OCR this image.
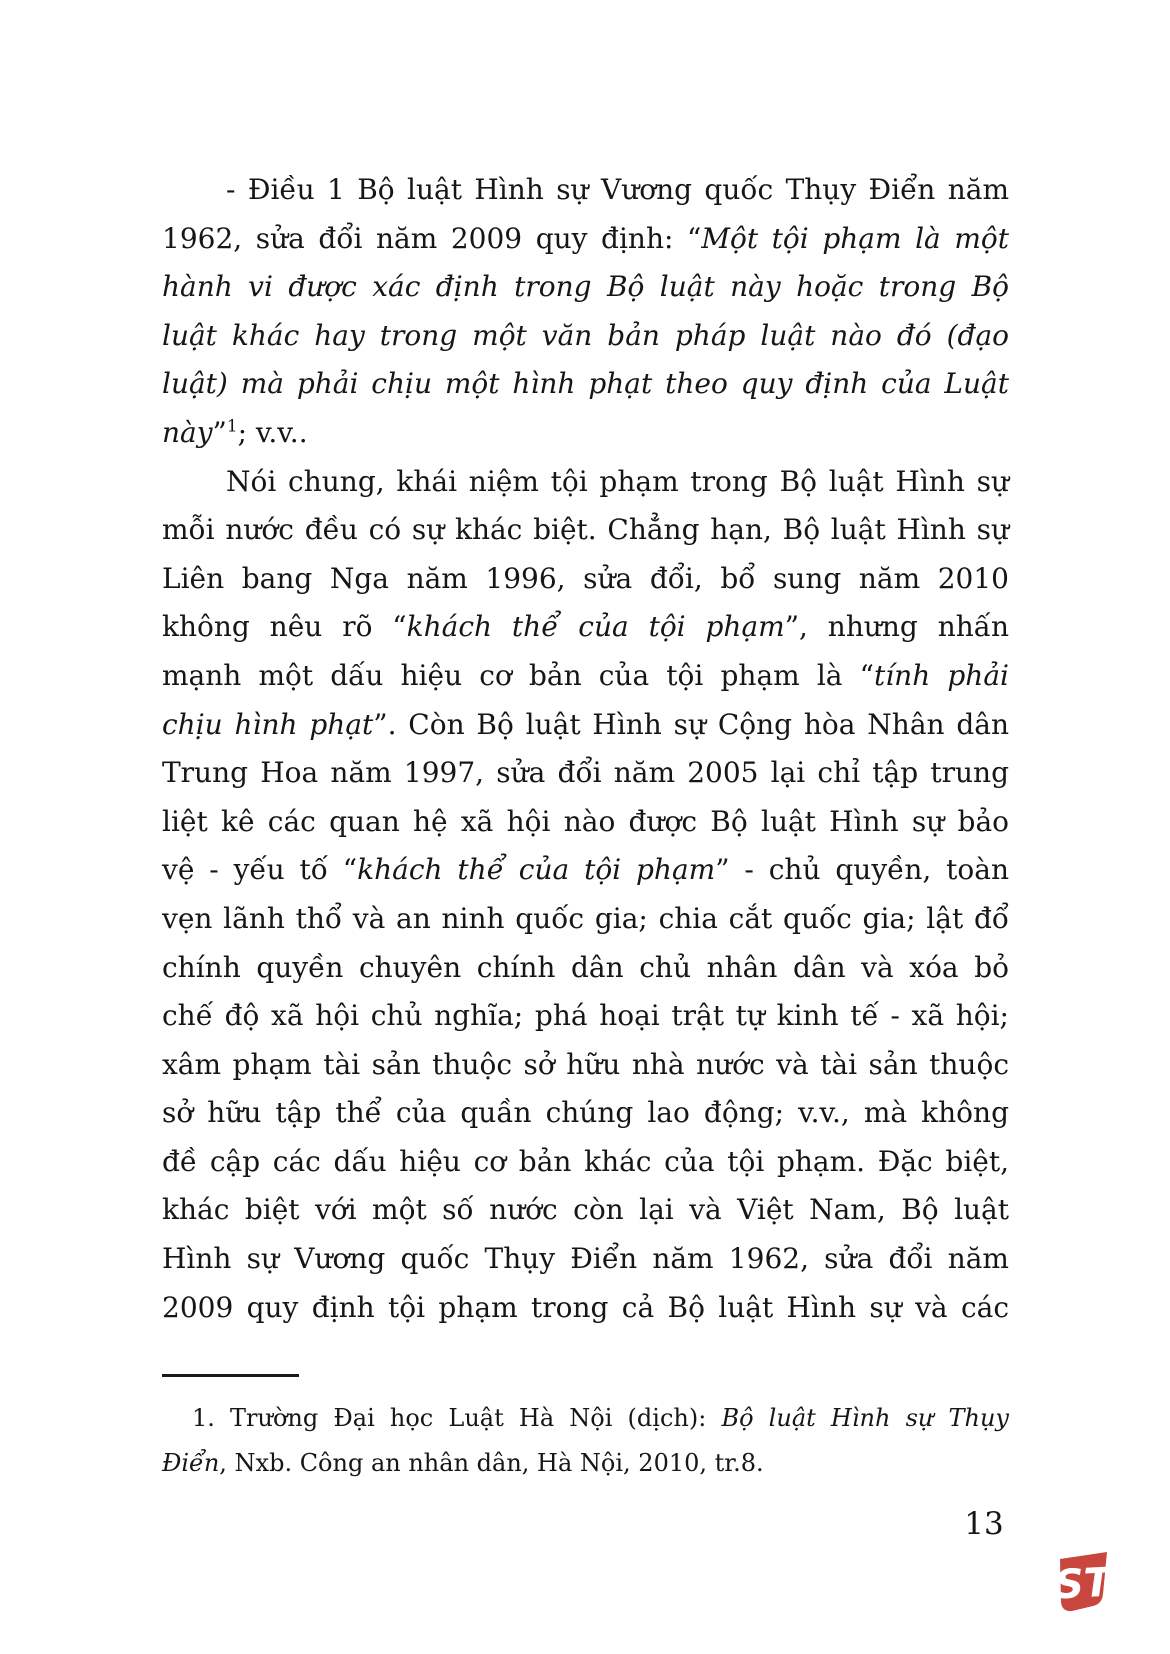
- Điều 1 Bộ luật Hình sự Vương quốc Thụy Điển năm
1962, sửa đổi năm 2009 quy định: “Một tội phạm là một
hành vi được xác định trong Bộ luật này hoặc trong Bộ
luật khác hay trong một văn bản pháp luật nào đó (đạo
luật) mà phải chịu một hình phạt theo quy định của Luật
này”$^1$; v.v..
Nói chung, khái niệm tội phạm trong Bộ luật Hình sự
mỗi nước đều có sự khác biệt. Chẳng hạn, Bộ luật Hình sự
Liên bang Nga năm 1996, sửa đổi, bổ sung năm 2010
không nêu rõ “khách thể của tội phạm”, nhưng nhấn
mạnh một dấu hiệu cơ bản của tội phạm là “tính phải
chịu hình phạt”. Còn Bộ luật Hình sự Cộng hòa Nhân dân
Trung Hoa năm 1997, sửa đổi năm 2005 lại chỉ tập trung
liệt kê các quan hệ xã hội nào được Bộ luật Hình sự bảo
vệ - yếu tố “khách thể của tội phạm” - chủ quyền, toàn
vẹn lãnh thổ và an ninh quốc gia; chia cắt quốc gia; lật đổ
chính quyền chuyên chính dân chủ nhân dân và xóa bỏ
chế độ xã hội chủ nghĩa; phá hoại trật tự kinh tế - xã hội;
xâm phạm tài sản thuộc sở hữu nhà nước và tài sản thuộc
sở hữu tập thể của quần chúng lao động; v.v., mà không
đề cập các dấu hiệu cơ bản khác của tội phạm. Đặc biệt,
khác biệt với một số nước còn lại và Việt Nam, Bộ luật
Hình sự Vương quốc Thụy Điển năm 1962, sửa đổi năm
2009 quy định tội phạm trong cả Bộ luật Hình sự và các
1. Trường Đại học Luật Hà Nội (dịch): Bộ luật Hình sự Thụy
Điển, Nxb. Công an nhân dân, Hà Nội, 2010, tr.8.
13
ST
